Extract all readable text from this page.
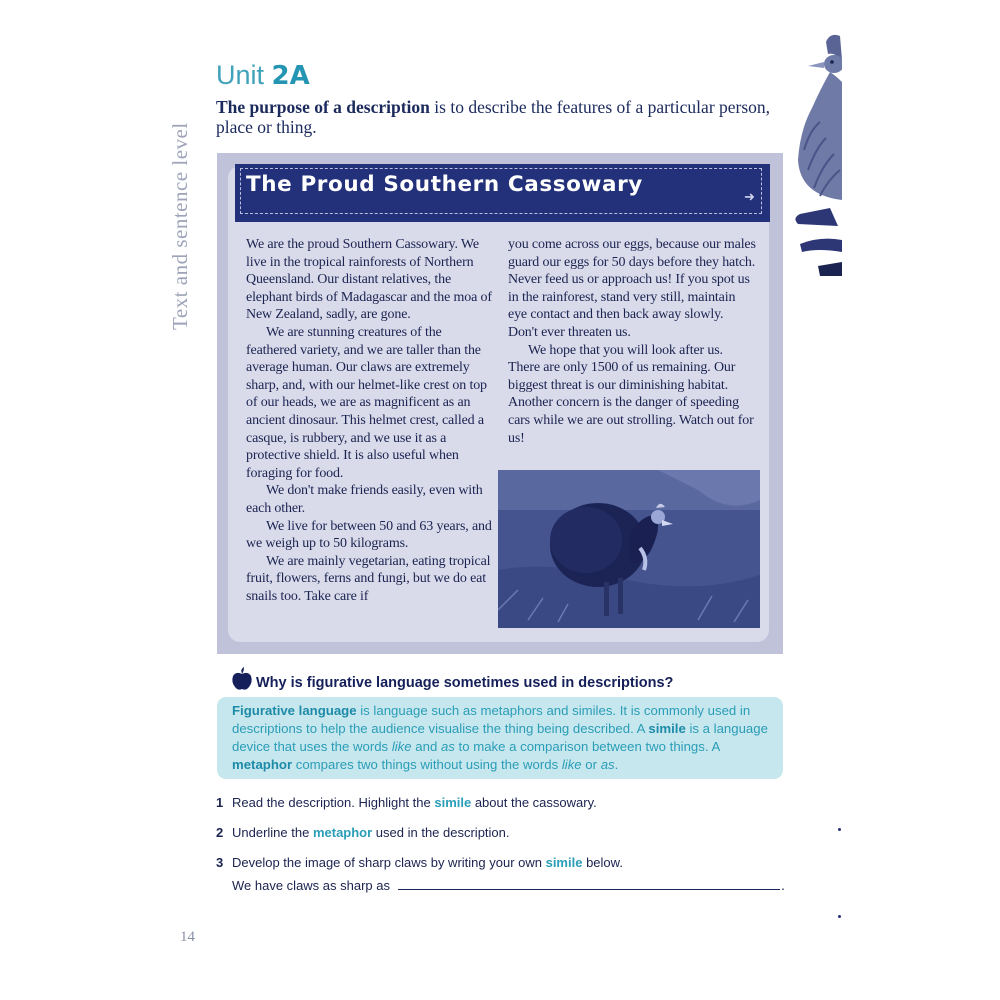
Text and sentence level
Unit 2A

The purpose of a description is to describe the features of a particular person, place or thing.

The Proud Southern Cassowary	➜

We are the proud Southern Cassowary. We live in the tropical rainforests of Northern Queensland. Our distant relatives, the elephant birds of Madagascar and the moa of New Zealand, sadly, are gone.

We are stunning creatures of the feathered variety, and we are taller than the average human. Our claws are extremely sharp, and, with our helmet-like crest on top of our heads, we are as magnificent as an ancient dinosaur. This helmet crest, called a casque, is rubbery, and we use it as a protective shield. It is also useful when foraging for food.

We don't make friends easily, even with each other.

We live for between 50 and 63 years, and we weigh up to 50 kilograms.

We are mainly vegetarian, eating tropical fruit, flowers, ferns and fungi, but we do eat snails too. Take care if

you come across our eggs, because our males guard our eggs for 50 days before they hatch. Never feed us or approach us! If you spot us in the rainforest, stand very still, maintain eye contact and then back away slowly. Don't ever threaten us.

We hope that you will look after us. There are only 1500 of us remaining. Our biggest threat is our diminishing habitat. Another concern is the danger of speeding cars while we are out strolling. Watch out for us!

Why is figurative language sometimes used in descriptions?

Figurative language is language such as metaphors and similes. It is commonly used in descriptions to help the audience visualise the thing being described. A simile is a language device that uses the words like and as to make a comparison between two things. A metaphor compares two things without using the words like or as.

1 Read the description. Highlight the simile about the cassowary.

2 Underline the metaphor used in the description.

3 Develop the image of sharp claws by writing your own simile below.

We have claws as sharp as	.

14
